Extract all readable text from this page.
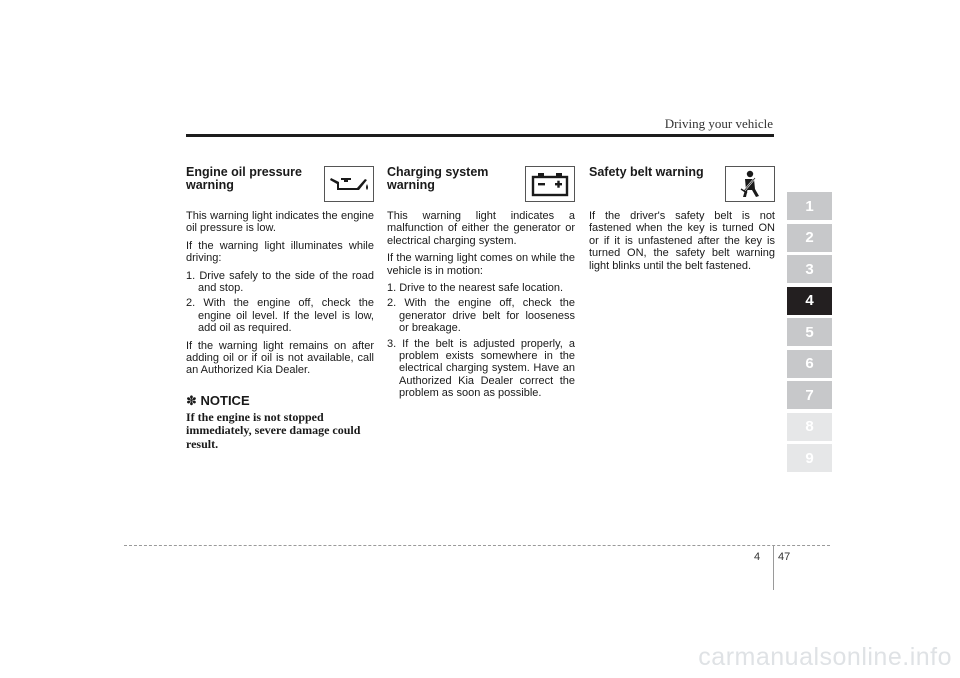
Driving your vehicle
Engine oil pressure warning

This warning light indicates the engine oil pressure is low.

If the warning light illuminates while driving:

1. Drive safely to the side of the road and stop.
2. With the engine off, check the engine oil level. If the level is low, add oil as required.

If the warning light remains on after adding oil or if oil is not available, call an Authorized Kia Dealer.

✽ NOTICE
If the engine is not stopped immediately, severe damage could result.
Charging system warning

This warning light indicates a malfunction of either the generator or electrical charging system.

If the warning light comes on while the vehicle is in motion:

1. Drive to the nearest safe location.
2. With the engine off, check the generator drive belt for looseness or breakage.
3. If the belt is adjusted properly, a problem exists somewhere in the electrical charging system. Have an Authorized Kia Dealer correct the problem as soon as possible.
Safety belt warning

If the driver's safety belt is not fastened when the key is turned ON or if it is unfastened after the key is turned ON, the safety belt warning light blinks until the belt fastened.

1
2
3
4
5
6
7
8
9
4 47
carmanualsonline.info
